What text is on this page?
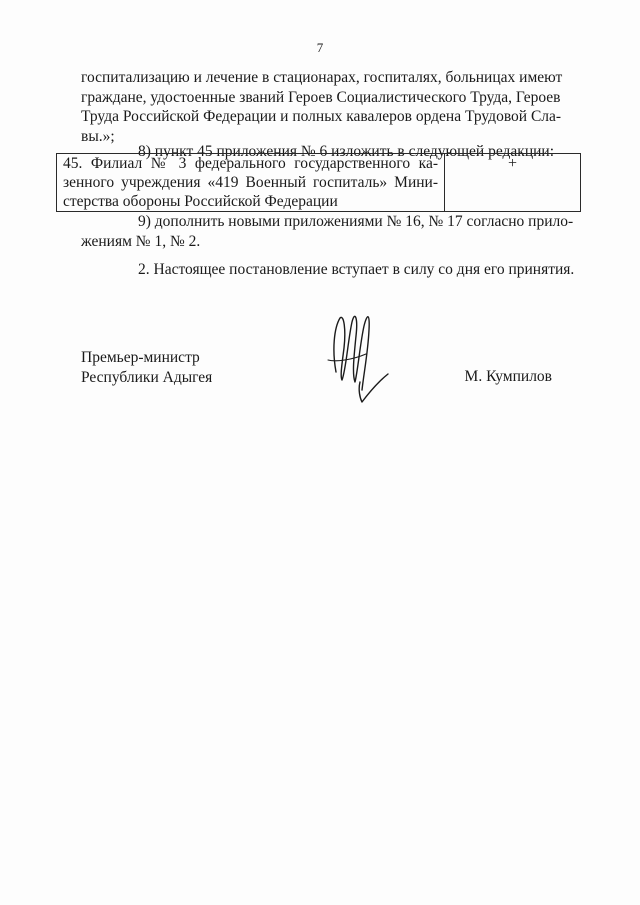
7
госпитализацию и лечение в стационарах, госпиталях, больницах имеют
граждане, удостоенные званий Героев Социалистического Труда, Героев
Труда Российской Федерации и полных кавалеров ордена Трудовой Сла-
вы.»;
8) пункт 45 приложения № 6 изложить в следующей редакции:
45. Филиал № 3 федерального государственного ка-
зенного учреждения «419 Военный госпиталь» Мини-
стерства обороны Российской Федерации
	+
9) дополнить новыми приложениями № 16, № 17 согласно прило-
жениям № 1, № 2.
2. Настоящее постановление вступает в силу со дня его принятия.
Премьер-министр
Республики Адыгея	М. Кумпилов
